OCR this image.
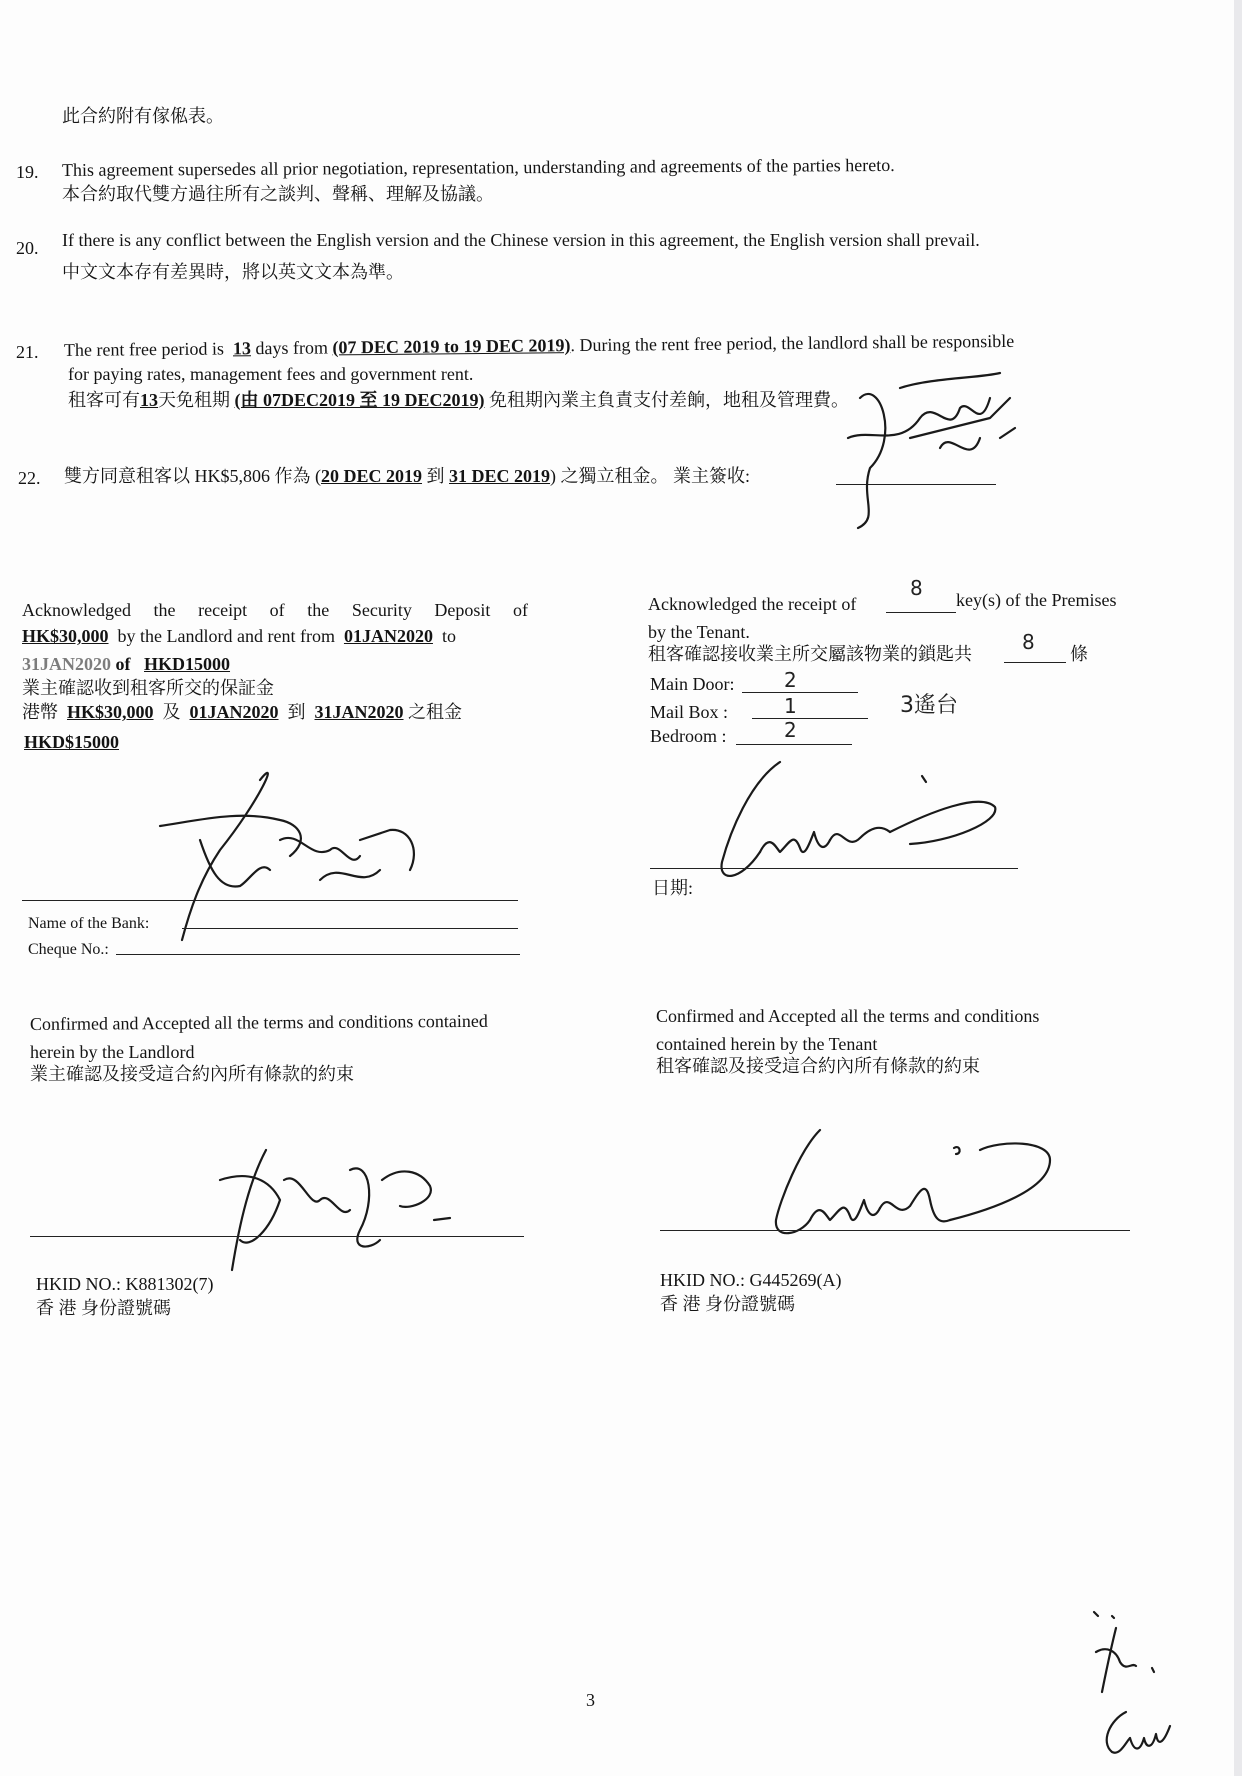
此合約附有傢俬表。
19. This agreement supersedes all prior negotiation, representation, understanding and agreements of the parties hereto.
本合約取代雙方過往所有之談判、聲稱、理解及協議。
20. If there is any conflict between the English version and the Chinese version in this agreement, the English version shall prevail.
中文文本存有差異時，將以英文文本為準。
21. The rent free period is 13 days from (07 DEC 2019 to 19 DEC 2019). During the rent free period, the landlord shall be responsible
for paying rates, management fees and government rent.
租客可有13天免租期 (由 07DEC2019 至 19 DEC2019) 免租期內業主負責支付差餉，地租及管理費。
22. 雙方同意租客以 HK$5,806 作為 (20 DEC 2019 到 31 DEC 2019) 之獨立租金。 業主簽收:
Acknowledged the receipt of the Security Deposit of
HK$30,000 by the Landlord and rent from 01JAN2020 to
31JAN2020 of HKD15000
業主確認收到租客所交的保証金
港幣 HK$30,000 及 01JAN2020 到 31JAN2020 之租金
HKD$15000
Name of the Bank:
Cheque No.:
Acknowledged the receipt of
8 key(s) of the Premises
by the Tenant.
租客確認接收業主所交屬該物業的鎖匙共	8 條
Main Door: 2
Mail Box :	1	3遙台
Bedroom :	2
日期:
Confirmed and Accepted all the terms and conditions contained
herein by the Landlord
業主確認及接受這合約內所有條款的約束
HKID NO.: K881302(7)
香 港 身份證號碼
Confirmed and Accepted all the terms and conditions
contained herein by the Tenant
租客確認及接受這合約內所有條款的約束
HKID NO.: G445269(A)
香 港 身份證號碼
3
